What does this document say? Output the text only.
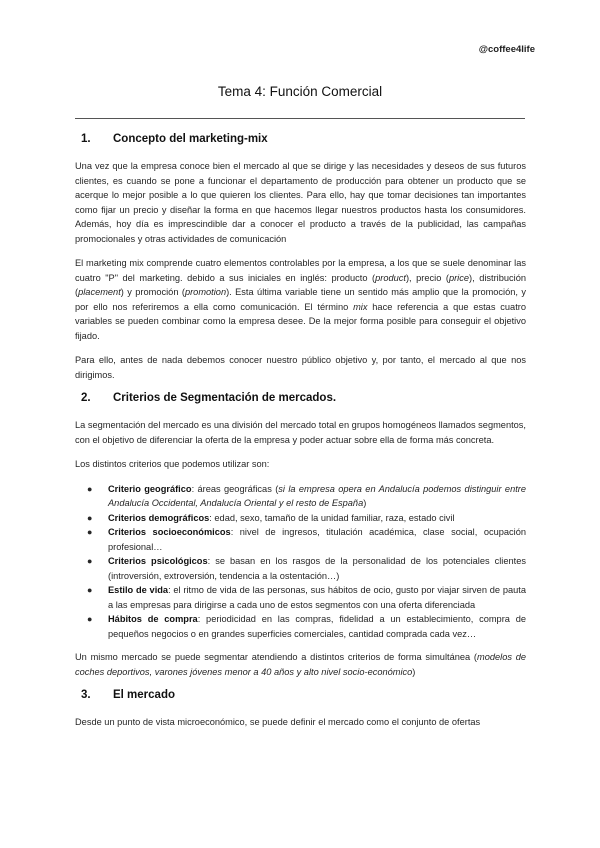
@coffee4life
Tema 4: Función Comercial
1.	Concepto del marketing-mix

Una vez que la empresa conoce bien el mercado al que se dirige y las necesidades y deseos de sus futuros clientes, es cuando se pone a funcionar el departamento de producción para obtener un producto que se acerque lo mejor posible a lo que quieren los clientes. Para ello, hay que tomar decisiones tan importantes como fijar un precio y diseñar la forma en que hacemos llegar nuestros productos hasta los consumidores. Además, hoy día es imprescindible dar a conocer el producto a través de la publicidad, las campañas promocionales y otras actividades de comunicación

El marketing mix comprende cuatro elementos controlables por la empresa, a los que se suele denominar las cuatro "P" del marketing. debido a sus iniciales en inglés: producto (product), precio (price), distribución (placement) y promoción (promotion). Esta última variable tiene un sentido más amplio que la promoción, y por ello nos referiremos a ella como comunicación. El término mix hace referencia a que estas cuatro variables se pueden combinar como la empresa desee. De la mejor forma posible para conseguir el objetivo fijado.

Para ello, antes de nada debemos conocer nuestro público objetivo y, por tanto, el mercado al que nos dirigimos.

2.	Criterios de Segmentación de mercados.

La segmentación del mercado es una división del mercado total en grupos homogéneos llamados segmentos, con el objetivo de diferenciar la oferta de la empresa y poder actuar sobre ella de forma más concreta.

Los distintos criterios que podemos utilizar son:

● Criterio geográfico: áreas geográficas (si la empresa opera en Andalucía podemos distinguir entre Andalucía Occidental, Andalucía Oriental y el resto de España)
● Criterios demográficos: edad, sexo, tamaño de la unidad familiar, raza, estado civil
● Criterios socioeconómicos: nivel de ingresos, titulación académica, clase social, ocupación profesional…
● Criterios psicológicos: se basan en los rasgos de la personalidad de los potenciales clientes (introversión, extroversión, tendencia a la ostentación…)
● Estilo de vida: el ritmo de vida de las personas, sus hábitos de ocio, gusto por viajar sirven de pauta a las empresas para dirigirse a cada uno de estos segmentos con una oferta diferenciada
● Hábitos de compra: periodicidad en las compras, fidelidad a un establecimiento, compra de pequeños negocios o en grandes superficies comerciales, cantidad comprada cada vez…

Un mismo mercado se puede segmentar atendiendo a distintos criterios de forma simultánea (modelos de coches deportivos, varones jóvenes menor a 40 años y alto nivel socio-económico)

3.	El mercado

Desde un punto de vista microeconómico, se puede definir el mercado como el conjunto de ofertas
